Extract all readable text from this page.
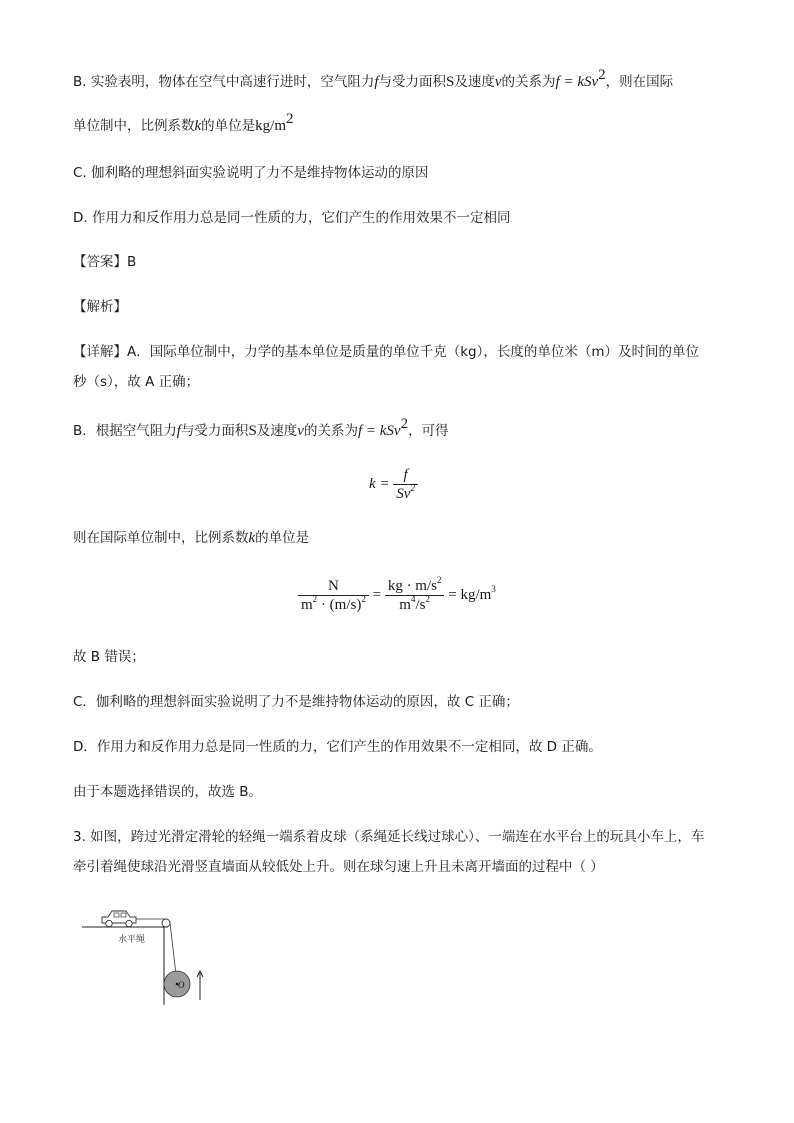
B. 实验表明，物体在空气中高速行进时，空气阻力f与受力面积S及速度v的关系为f = kSv$^2$，则在国际
单位制中，比例系数k的单位是$kg/m^2$
C. 伽利略的理想斜面实验说明了力不是维持物体运动的原因
D. 作用力和反作用力总是同一性质的力，它们产生的作用效果不一定相同
【答案】B
【解析】
【详解】A．国际单位制中，力学的基本单位是质量的单位千克（kg），长度的单位米（m）及时间的单位
秒（s），故 A 正确；
B．根据空气阻力f与受力面积S及速度v的关系为f = kSv$^2$，可得
$k = \frac{f}{Sv^2}$
则在国际单位制中，比例系数k的单位是
$\frac{N}{m^2 \cdot (m/s)^2} = \frac{kg \cdot m/s^2}{m^4/s^2} = kg/m^3$
故 B 错误；
C．伽利略的理想斜面实验说明了力不是维持物体运动的原因，故 C 正确；
D．作用力和反作用力总是同一性质的力，它们产生的作用效果不一定相同，故 D 正确。
由于本题选择错误的，故选 B。
3. 如图，跨过光滑定滑轮的轻绳一端系着皮球（系绳延长线过球心）、一端连在水平台上的玩具小车上，车
牵引着绳使球沿光滑竖直墙面从较低处上升。则在球匀速上升且未离开墙面的过程中（ ）
水平绳
O
